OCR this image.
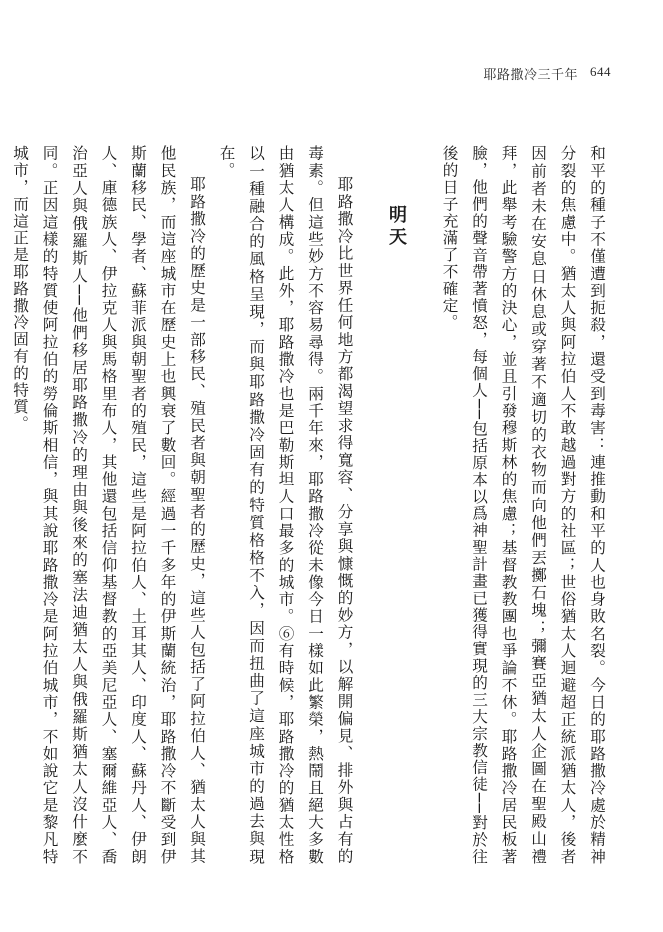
耶路撒冷三千年 644

和平的種子不僅遭到扼殺，還受到毒害：連推動和平的人也身敗名裂。今日的耶路撒冷處於精神分裂的焦慮中。猶太人與阿拉伯人不敢越過對方的社區；世俗猶太人迴避超正統派猶太人，後者因前者未在安息日休息或穿著不適切的衣物而向他們丟擲石塊；彌賽亞猶太人企圖在聖殿山禮拜，此舉考驗警方的決心，並且引發穆斯林的焦慮；基督教教團也爭論不休。耶路撒冷居民板著臉，他們的聲音帶著憤怒，每個人──包括原本以爲神聖計畫已獲得實現的三大宗教信徒──對於往後的日子充滿了不確定。

明天

耶路撒冷比世界任何地方都渴望求得寬容、分享與慷慨的妙方，以解開偏見、排外與占有的毒素。但這些妙方不容易尋得。兩千年來，耶路撒冷從未像今日一樣如此繁榮，熱鬧且絕大多數由猶太人構成。此外，耶路撒冷也是巴勒斯坦人口最多的城市。⑥有時候，耶路撒冷的猶太性格以一種融合的風格呈現，而與耶路撒冷固有的特質格格不入，因而扭曲了這座城市的過去與現在。

耶路撒冷的歷史是一部移民、殖民者與朝聖者的歷史，這些人包括了阿拉伯人、猶太人與其他民族，而這座城市在歷史上也興衰了數回。經過一千多年的伊斯蘭統治，耶路撒冷不斷受到伊斯蘭移民、學者、蘇菲派與朝聖者的殖民，這些是阿拉伯人、土耳其人、印度人、蘇丹人、伊朗人、庫德族人、伊拉克人與馬格里布人，其他還包括信仰基督教的亞美尼亞人、塞爾維亞人、喬治亞人與俄羅斯人──他們移居耶路撒冷的理由與後來的塞法迪猶太人與俄羅斯猶太人沒什麼不同。正因這樣的特質使阿拉伯的勞倫斯相信，與其說耶路撒冷是阿拉伯城市，不如說它是黎凡特城市，而這正是耶路撒冷固有的特質。
